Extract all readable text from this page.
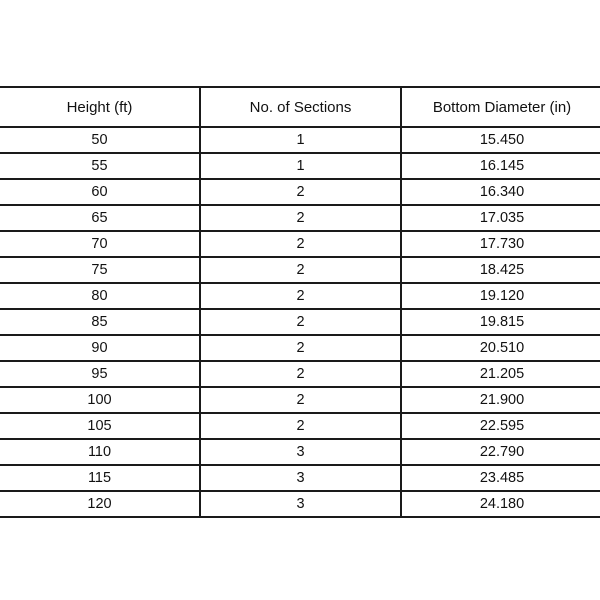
Height (ft)	No. of Sections	Bottom Diameter (in)
50	1	15.450
55	1	16.145
60	2	16.340
65	2	17.035
70	2	17.730
75	2	18.425
80	2	19.120
85	2	19.815
90	2	20.510
95	2	21.205
100	2	21.900
105	2	22.595
110	3	22.790
115	3	23.485
120	3	24.180
